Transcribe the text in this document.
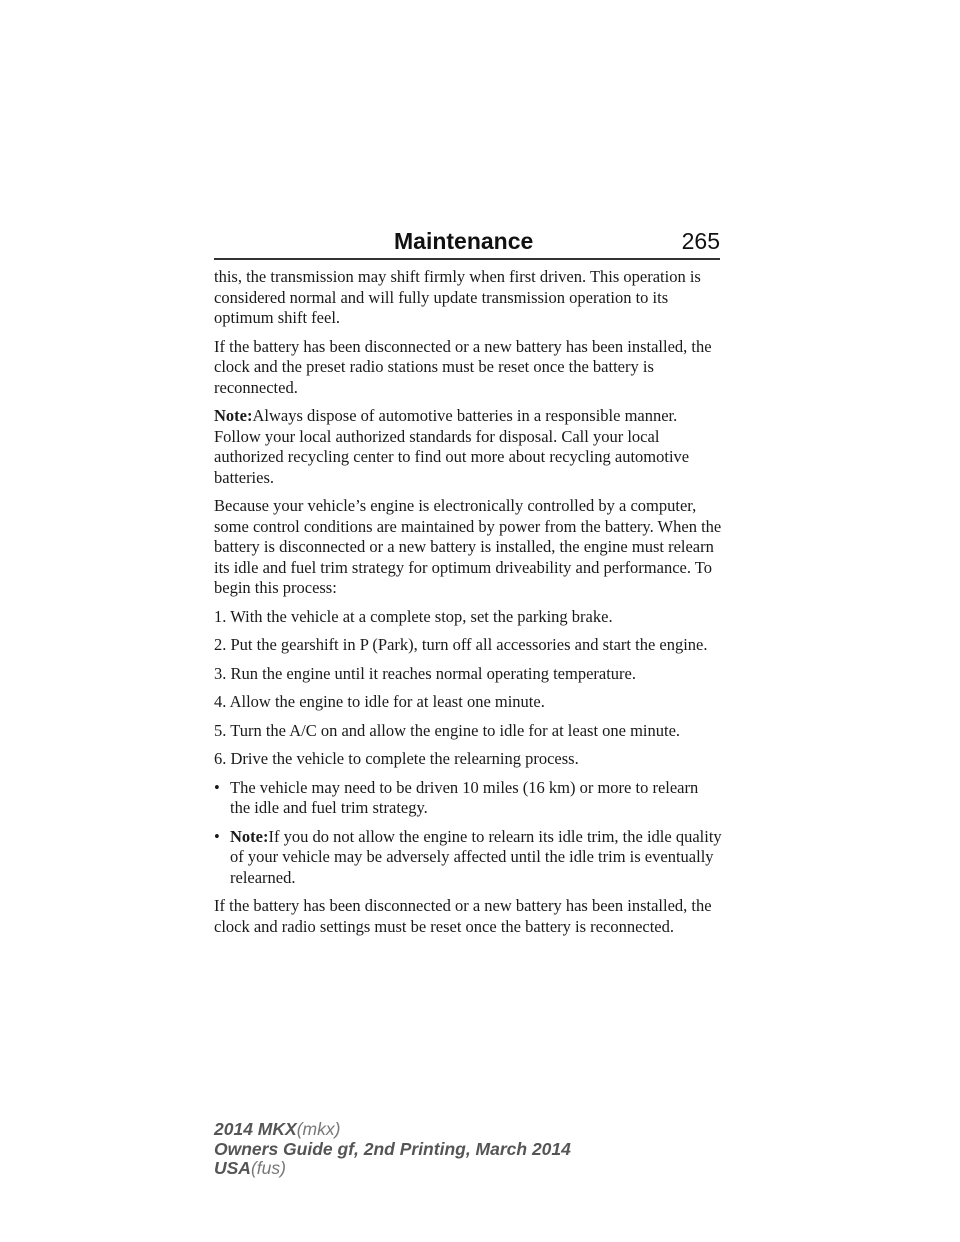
Maintenance	265

this, the transmission may shift firmly when first driven. This operation is considered normal and will fully update transmission operation to its optimum shift feel.

If the battery has been disconnected or a new battery has been installed, the clock and the preset radio stations must be reset once the battery is reconnected.

Note:Always dispose of automotive batteries in a responsible manner. Follow your local authorized standards for disposal. Call your local authorized recycling center to find out more about recycling automotive batteries.

Because your vehicle’s engine is electronically controlled by a computer, some control conditions are maintained by power from the battery. When the battery is disconnected or a new battery is installed, the engine must relearn its idle and fuel trim strategy for optimum driveability and performance. To begin this process:

1. With the vehicle at a complete stop, set the parking brake.

2. Put the gearshift in P (Park), turn off all accessories and start the engine.

3. Run the engine until it reaches normal operating temperature.

4. Allow the engine to idle for at least one minute.

5. Turn the A/C on and allow the engine to idle for at least one minute.

6. Drive the vehicle to complete the relearning process.

• The vehicle may need to be driven 10 miles (16 km) or more to relearn the idle and fuel trim strategy.
• Note:If you do not allow the engine to relearn its idle trim, the idle quality of your vehicle may be adversely affected until the idle trim is eventually relearned.

If the battery has been disconnected or a new battery has been installed, the clock and radio settings must be reset once the battery is reconnected.

2014 MKX(mkx)
Owners Guide gf, 2nd Printing, March 2014
USA(fus)
